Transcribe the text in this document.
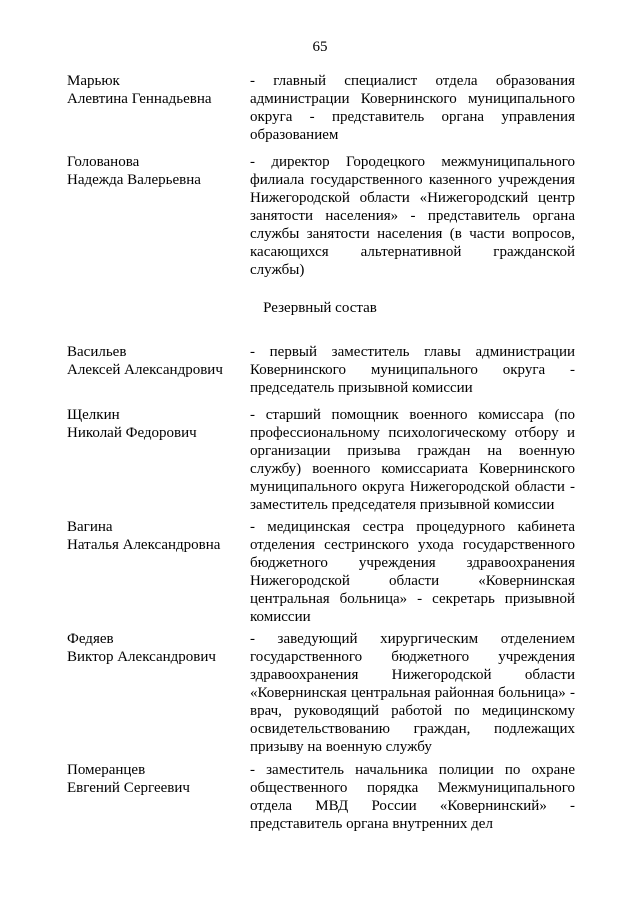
65
Марьюк
Алевтина Геннадьевна
- главный специалист отдела образования администрации Ковернинского муниципального округа - представитель органа управления образованием
Голованова
Надежда Валерьевна
- директор Городецкого межмуниципального филиала государственного казенного учреждения Нижегородской области «Нижегородский центр занятости населения» - представитель органа службы занятости населения (в части вопросов, касающихся альтернативной гражданской службы)
Резервный состав
Васильев
Алексей Александрович
- первый заместитель главы администрации Ковернинского муниципального округа - председатель призывной комиссии
Щелкин
Николай Федорович
- старший помощник военного комиссара (по профессиональному психологическому отбору и организации призыва граждан на военную службу) военного комиссариата Ковернинского муниципального округа Нижегородской области - заместитель председателя призывной комиссии
Вагина
Наталья Александровна
- медицинская сестра процедурного кабинета отделения сестринского ухода государственного бюджетного учреждения здравоохранения Нижегородской области «Ковернинская центральная больница» - секретарь призывной комиссии
Федяев
Виктор Александрович
- заведующий хирургическим отделением государственного бюджетного учреждения здравоохранения Нижегородской области «Ковернинская центральная районная больница» - врач, руководящий работой по медицинскому освидетельствованию граждан, подлежащих призыву на военную службу
Померанцев
Евгений Сергеевич
- заместитель начальника полиции по охране общественного порядка Межмуниципального отдела МВД России «Ковернинский» - представитель органа внутренних дел
